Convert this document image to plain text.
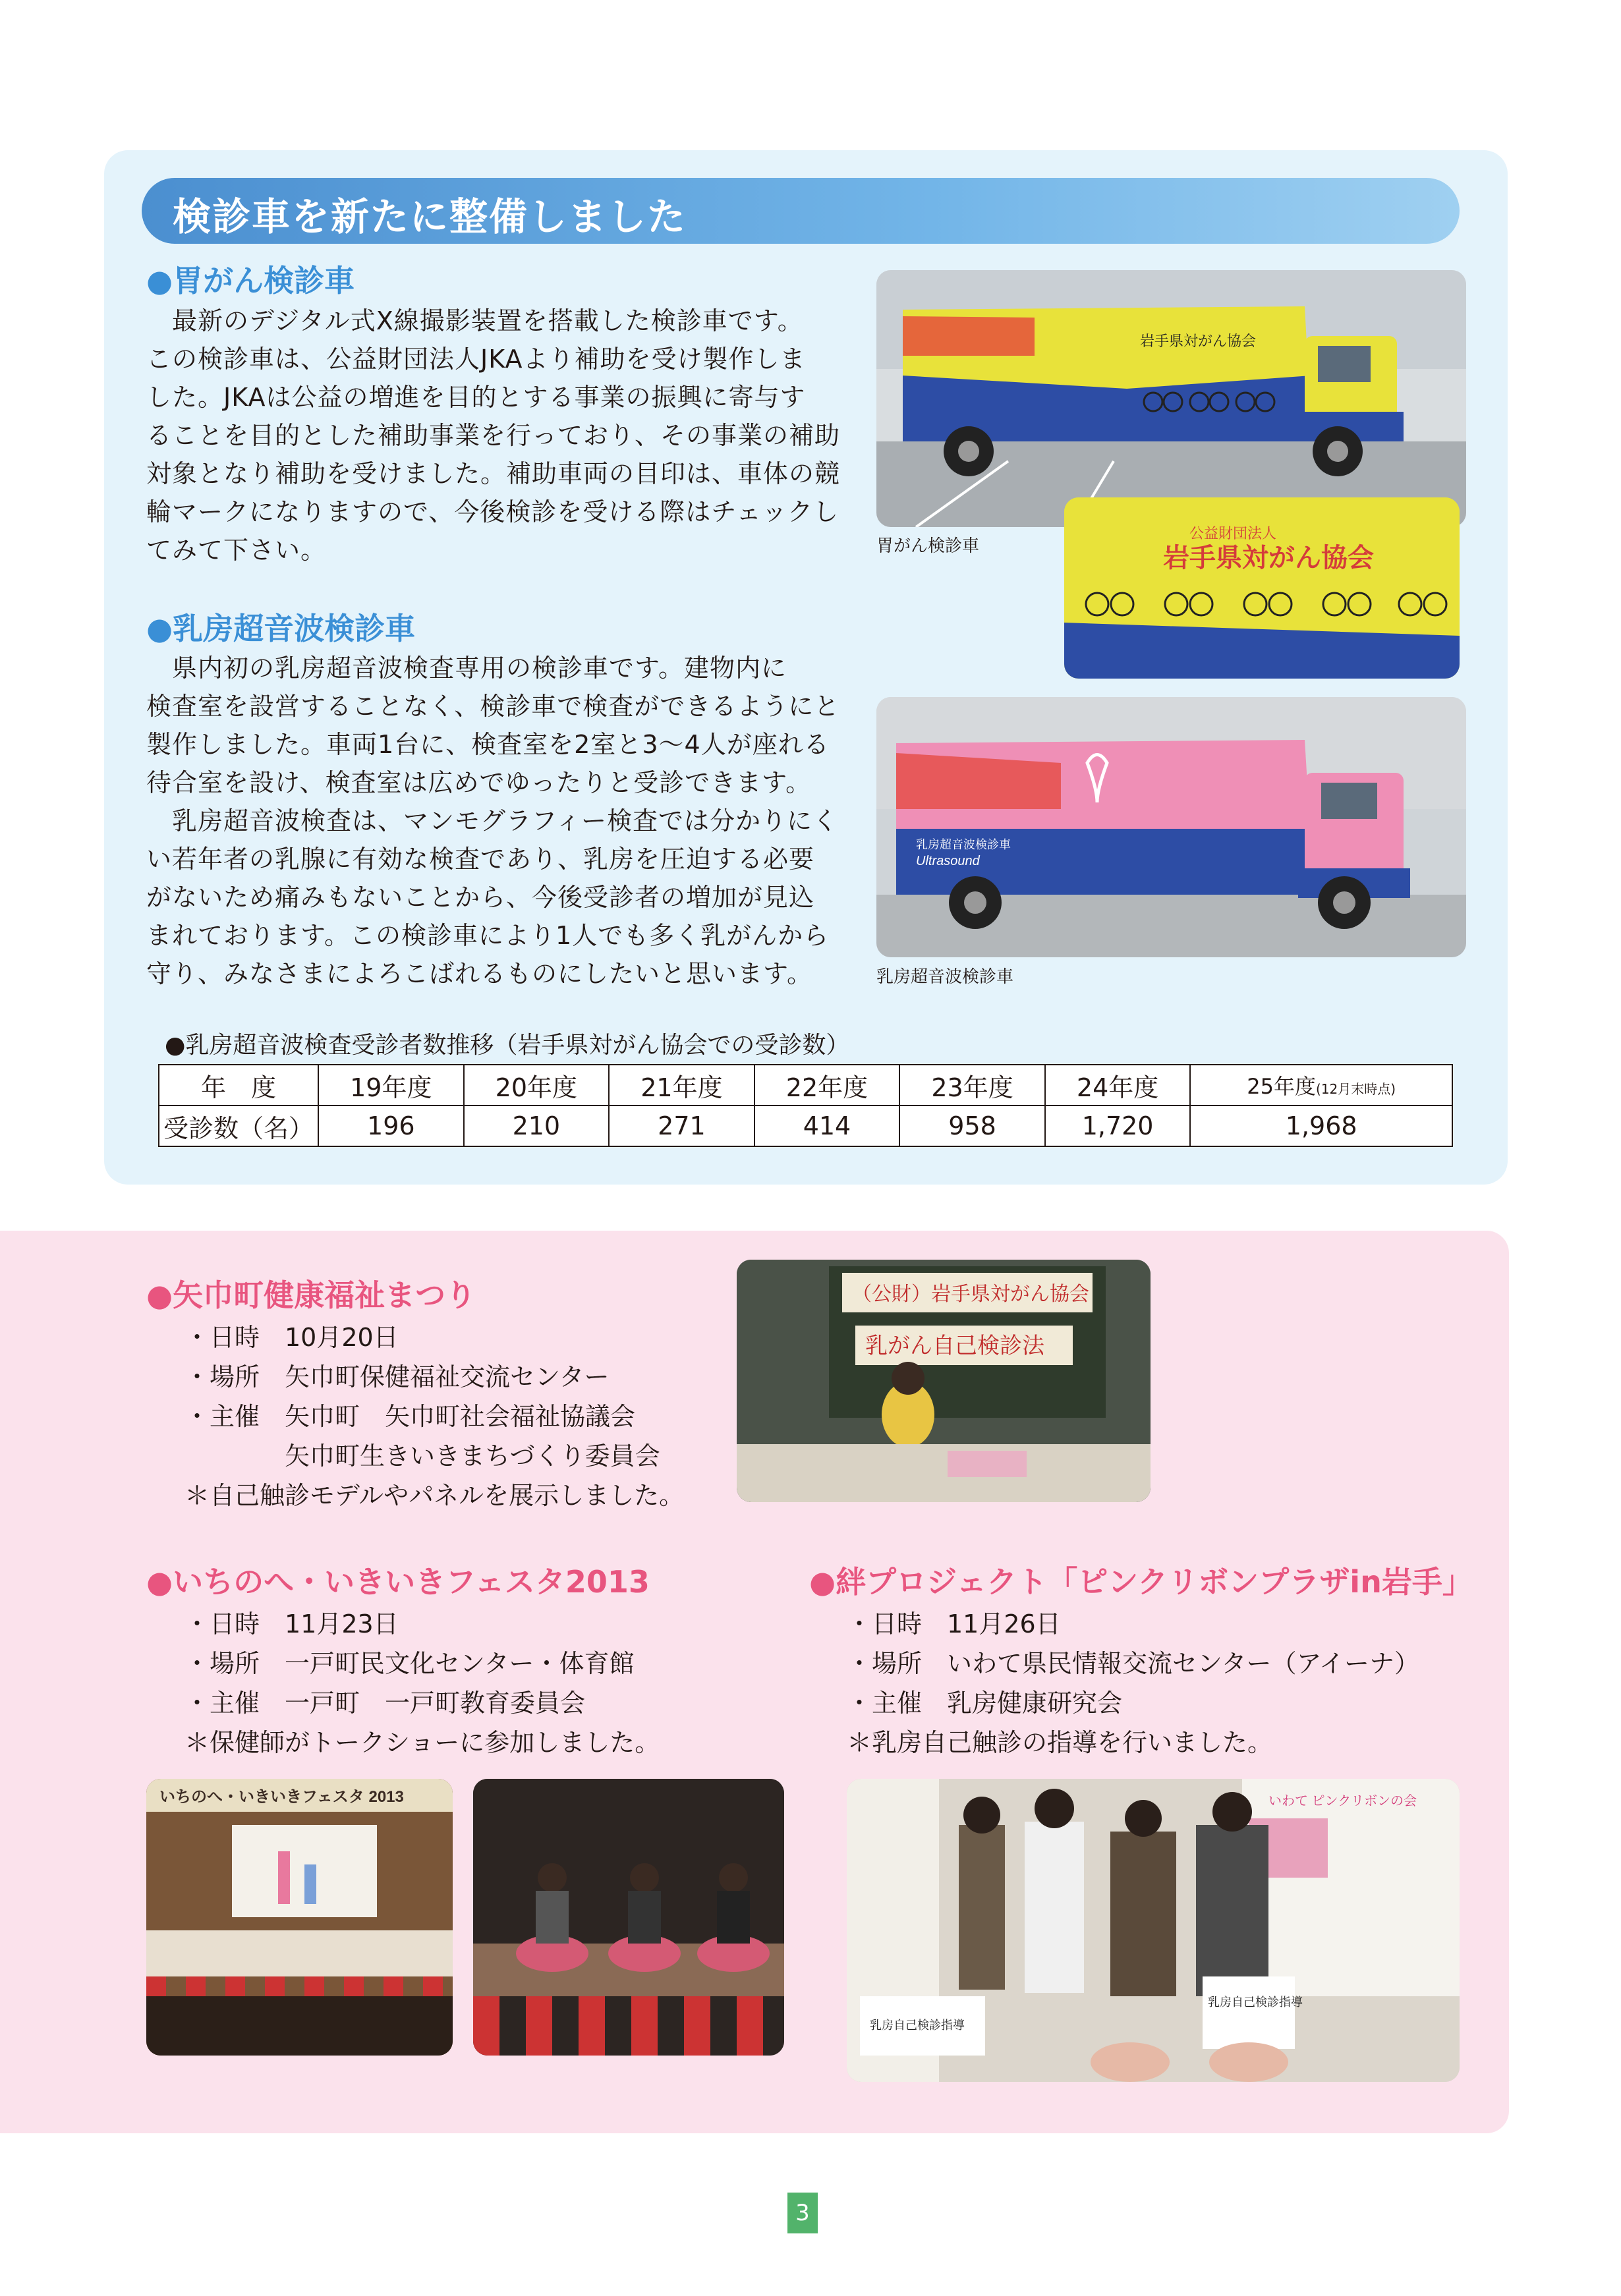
検診車を新たに整備しました
●胃がん検診車

　最新のデジタル式X線撮影装置を搭載した検診車です。

この検診車は、公益財団法人JKAより補助を受け製作しま

した。JKAは公益の増進を目的とする事業の振興に寄与す

ることを目的とした補助事業を行っており、その事業の補助

対象となり補助を受けました。補助車両の目印は、車体の競

輪マークになりますので、今後検診を受ける際はチェックし

てみて下さい。

岩手県対がん協会
胃がん検診車
公益財団法人
岩手県対がん協会
●乳房超音波検診車

　県内初の乳房超音波検査専用の検診車です。建物内に

検査室を設営することなく、検診車で検査ができるようにと

製作しました。車両1台に、検査室を2室と3〜4人が座れる

待合室を設け、検査室は広めでゆったりと受診できます。

　乳房超音波検査は、マンモグラフィー検査では分かりにく

い若年者の乳腺に有効な検査であり、乳房を圧迫する必要

がないため痛みもないことから、今後受診者の増加が見込

まれております。この検診車により1人でも多く乳がんから

守り、みなさまによろこばれるものにしたいと思います。

乳房超音波検診車
Ultrasound
乳房超音波検診車
●乳房超音波検査受診者数推移（岩手県対がん協会での受診数）
年　度	19年度	20年度	21年度	22年度	23年度	24年度	25年度(12月末時点)
受診数（名）	196	210	271	414	958	1,720	1,968
●矢巾町健康福祉まつり

・日時　10月20日

・場所　矢巾町保健福祉交流センター

・主催　矢巾町　矢巾町社会福祉協議会

　　　　矢巾町生きいきまちづくり委員会

＊自己触診モデルやパネルを展示しました。

（公財）岩手県対がん協会
乳がん自己検診法
●いちのへ・いきいきフェスタ2013

・日時　11月23日

・場所　一戸町民文化センター・体育館

・主催　一戸町　一戸町教育委員会

＊保健師がトークショーに参加しました。

いちのへ・いきいきフェスタ 2013
●絆プロジェクト「ピンクリボンプラザin岩手」

・日時　11月26日

・場所　いわて県民情報交流センター（アイーナ）

・主催　乳房健康研究会

＊乳房自己触診の指導を行いました。

いわて ピンクリボンの会
乳房自己検診指導
乳房自己検診指導
3
